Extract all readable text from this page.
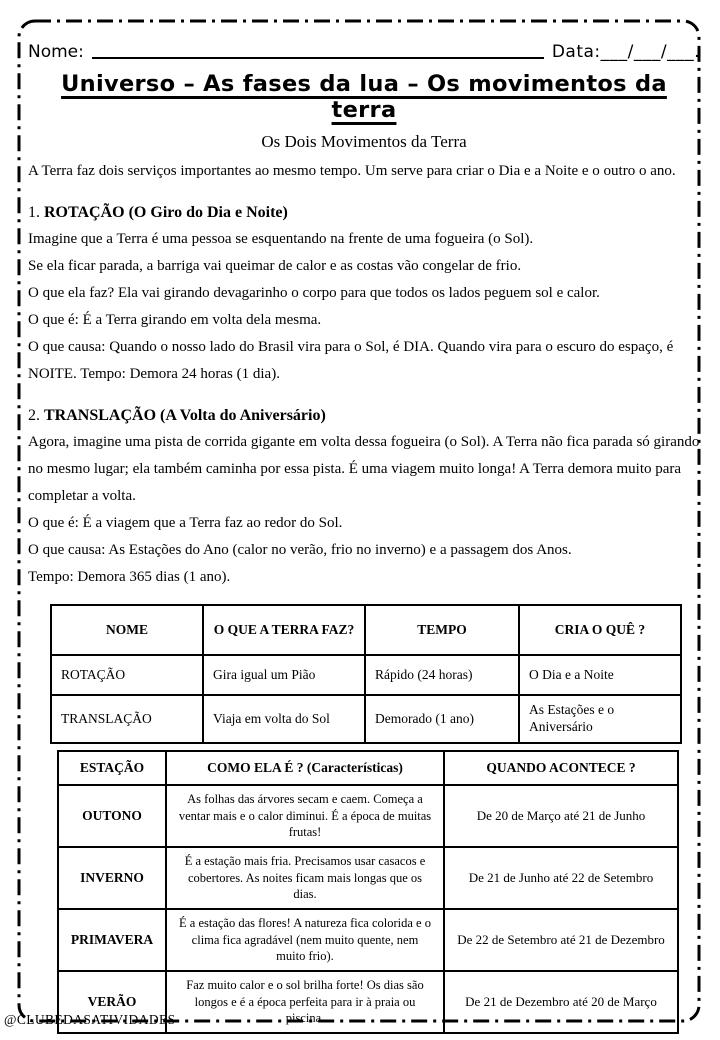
Nome:	Data:___/___/___.
Universo – As fases da lua – Os movimentos da terra
Os Dois Movimentos da Terra

A Terra faz dois serviços importantes ao mesmo tempo. Um serve para criar o Dia e a Noite e o outro o ano.

1. ROTAÇÃO (O Giro do Dia e Noite)

Imagine que a Terra é uma pessoa se esquentando na frente de uma fogueira (o Sol).

Se ela ficar parada, a barriga vai queimar de calor e as costas vão congelar de frio.

O que ela faz? Ela vai girando devagarinho o corpo para que todos os lados peguem sol e calor.

O que é: É a Terra girando em volta dela mesma.

O que causa: Quando o nosso lado do Brasil vira para o Sol, é DIA. Quando vira para o escuro do espaço, é NOITE. Tempo: Demora 24 horas (1 dia).

2. TRANSLAÇÃO (A Volta do Aniversário)

Agora, imagine uma pista de corrida gigante em volta dessa fogueira (o Sol). A Terra não fica parada só girando no mesmo lugar; ela também caminha por essa pista. É uma viagem muito longa! A Terra demora muito para completar a volta.

O que é: É a viagem que a Terra faz ao redor do Sol.

O que causa: As Estações do Ano (calor no verão, frio no inverno) e a passagem dos Anos.

Tempo: Demora 365 dias (1 ano).

NOME	O QUE A TERRA FAZ?	TEMPO	CRIA O QUÊ ?
ROTAÇÃO	Gira igual um Pião	Rápido (24 horas)	O Dia e a Noite
TRANSLAÇÃO	Viaja em volta do Sol	Demorado (1 ano)	As Estações e o Aniversário
ESTAÇÃO	COMO ELA É ? (Características)	QUANDO ACONTECE ?
OUTONO	As folhas das árvores secam e caem. Começa a ventar mais e o calor diminui. É a época de muitas frutas!	De 20 de Março até 21 de Junho
INVERNO	É a estação mais fria. Precisamos usar casacos e cobertores. As noites ficam mais longas que os dias.	De 21 de Junho até 22 de Setembro
PRIMAVERA	É a estação das flores! A natureza fica colorida e o clima fica agradável (nem muito quente, nem muito frio).	De 22 de Setembro até 21 de Dezembro
VERÃO	Faz muito calor e o sol brilha forte! Os dias são longos e é a época perfeita para ir à praia ou piscina.	De 21 de Dezembro até 20 de Março
@CLUBEDASATIVIDADES
